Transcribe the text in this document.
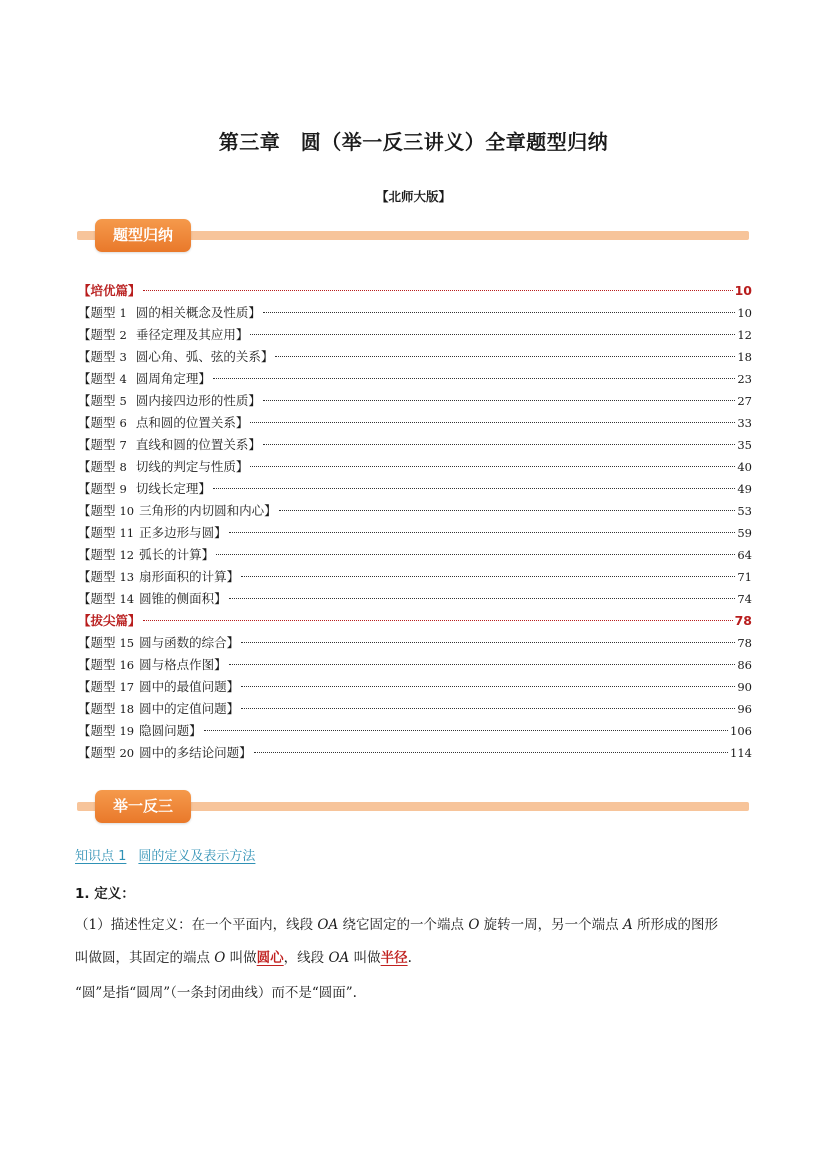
第三章　圆（举一反三讲义）全章题型归纳
【北师大版】
题型归纳
【培优篇】	10
【题型 1 圆的相关概念及性质】	10
【题型 2 垂径定理及其应用】	12
【题型 3 圆心角、弧、弦的关系】	18
【题型 4 圆周角定理】	23
【题型 5 圆内接四边形的性质】	27
【题型 6 点和圆的位置关系】	33
【题型 7 直线和圆的位置关系】	35
【题型 8 切线的判定与性质】	40
【题型 9 切线长定理】	49
【题型 10 三角形的内切圆和内心】	53
【题型 11 正多边形与圆】	59
【题型 12 弧长的计算】	64
【题型 13 扇形面积的计算】	71
【题型 14 圆锥的侧面积】	74
【拔尖篇】	78
【题型 15 圆与函数的综合】	78
【题型 16 圆与格点作图】	86
【题型 17 圆中的最值问题】	90
【题型 18 圆中的定值问题】	96
【题型 19 隐圆问题】	106
【题型 20 圆中的多结论问题】	114
举一反三
知识点 1 圆的定义及表示方法
1. 定义：
（1）描述性定义：在一个平面内，线段 OA 绕它固定的一个端点 O 旋转一周，另一个端点 A 所形成的图形
叫做圆，其固定的端点 O 叫做圆心，线段 OA 叫做半径.
“圆”是指“圆周”（一条封闭曲线）而不是“圆面”.
